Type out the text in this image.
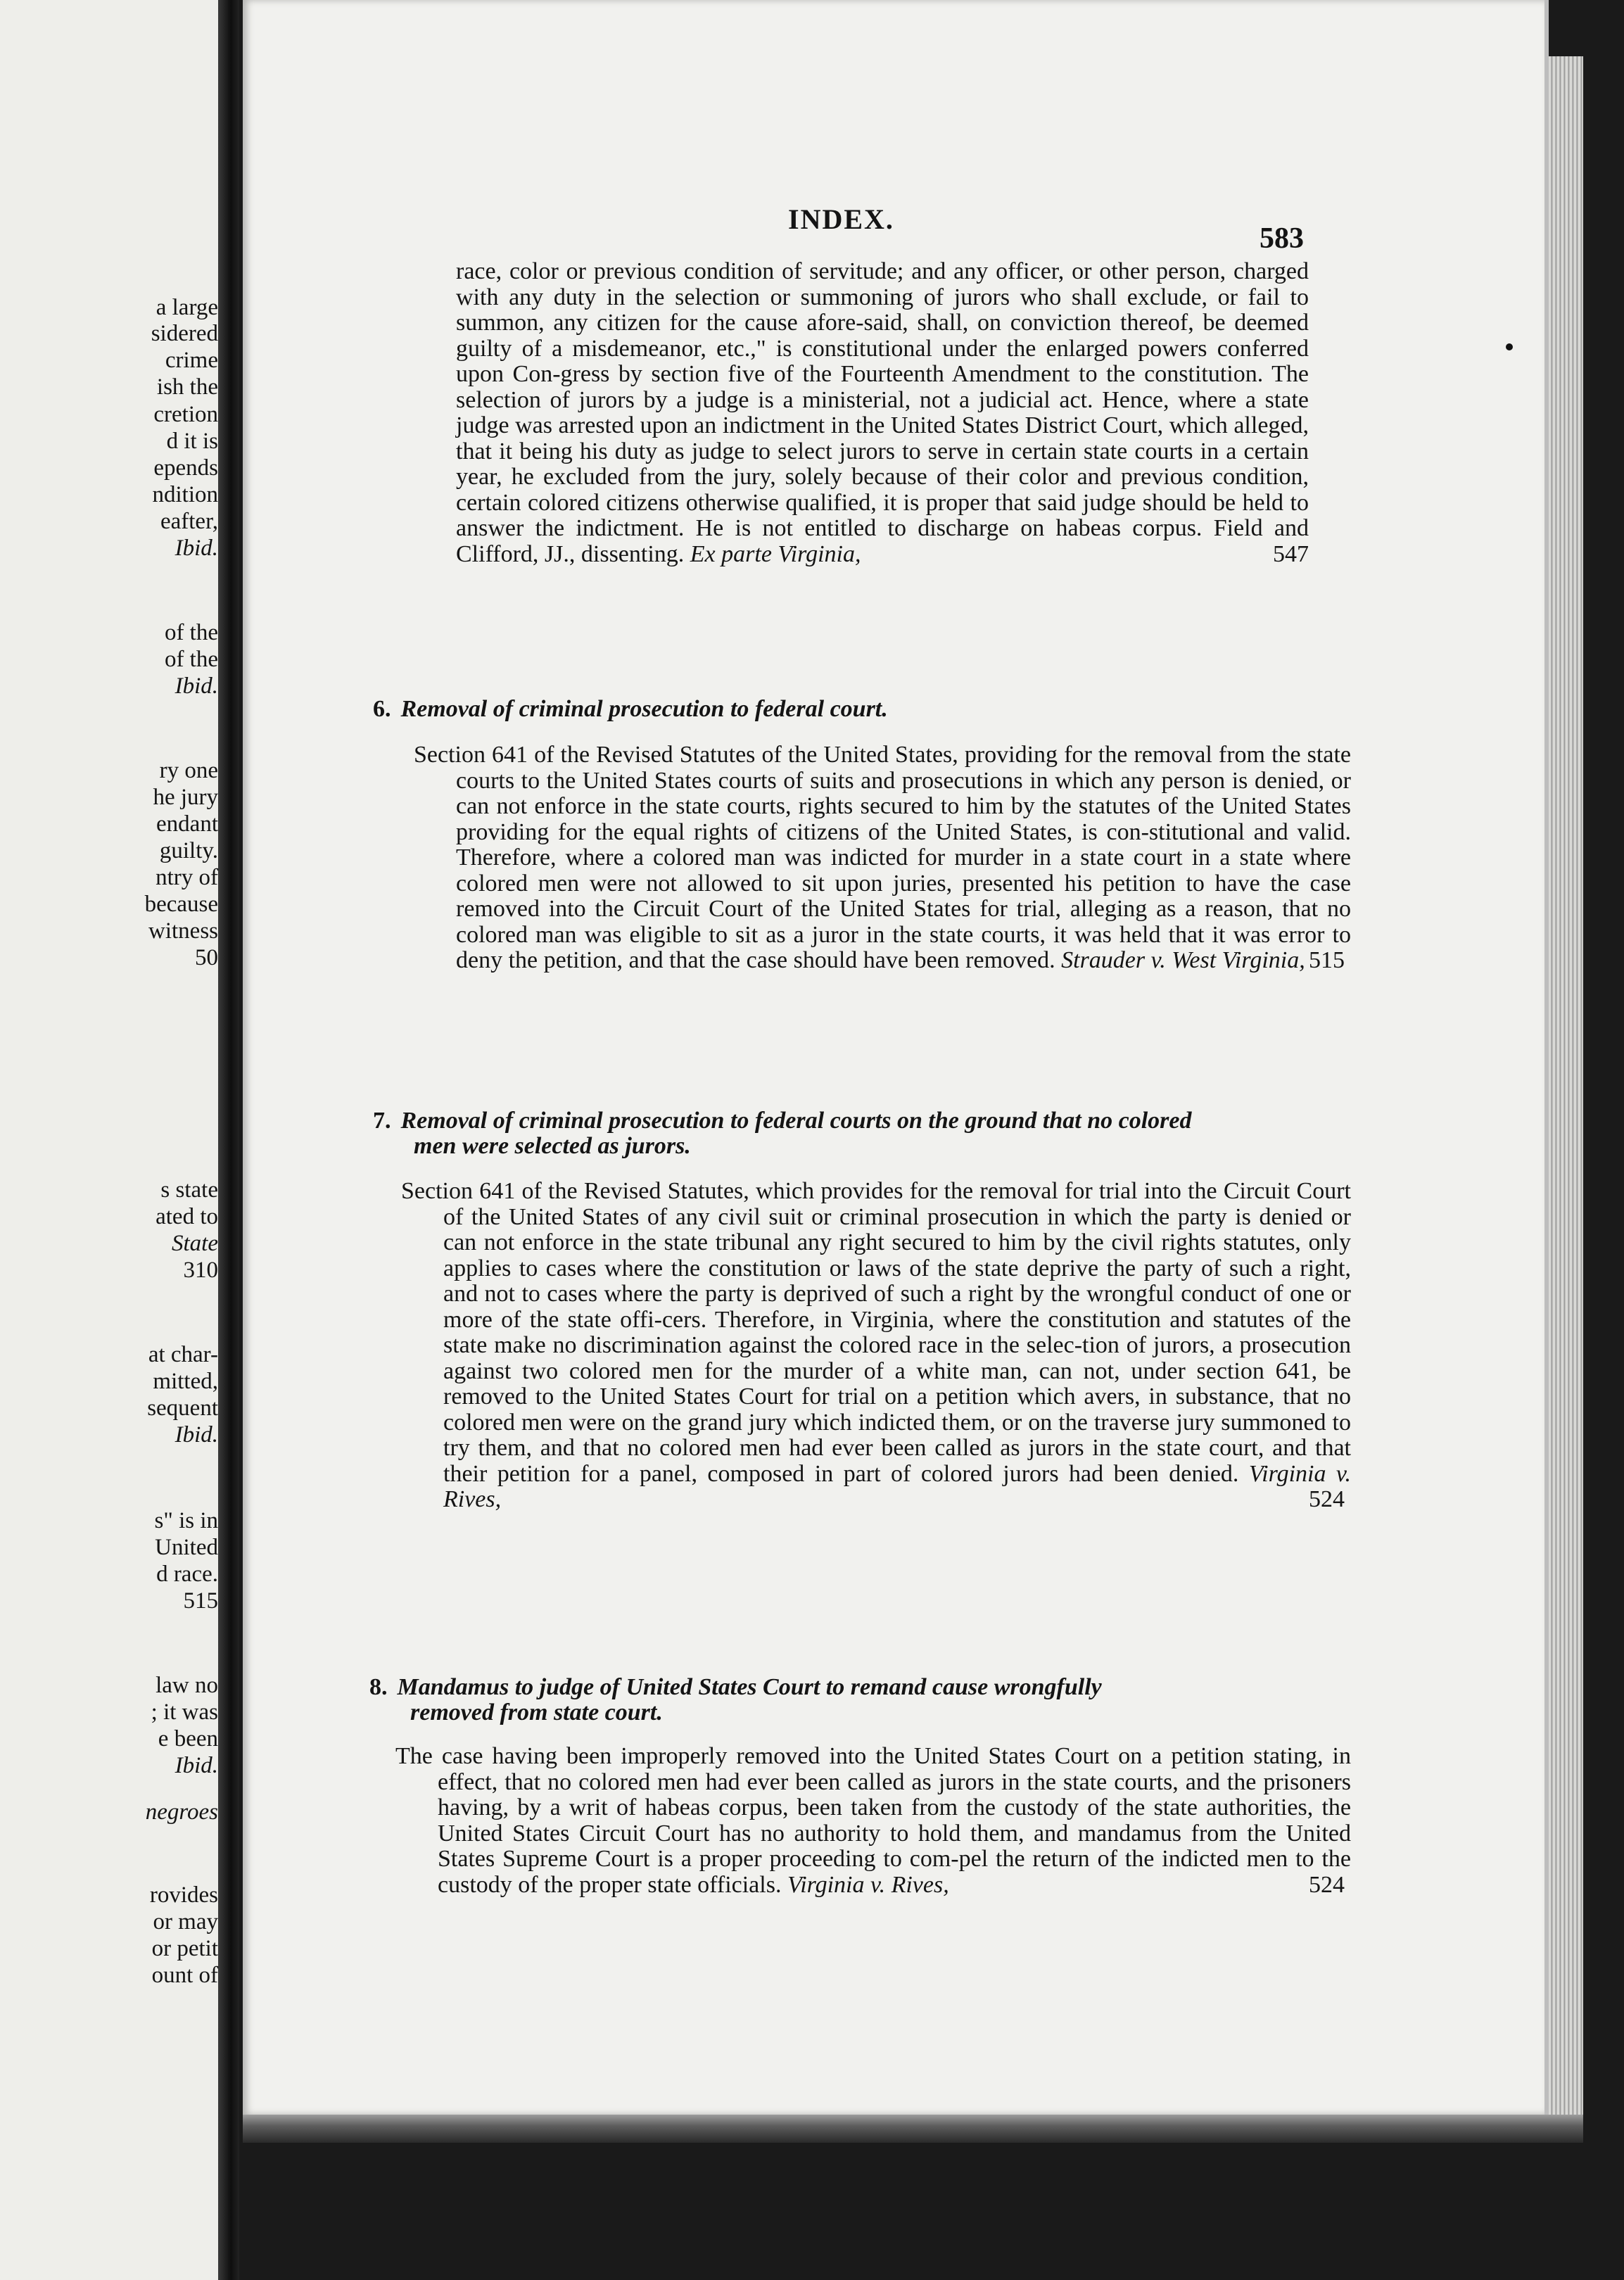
a large
sidered
crime
ish the
cretion
d it is
epends
ndition
eafter,
Ibid.
of the
of the
Ibid.
ry one
he jury
endant
guilty.
ntry of
because
witness
50
s state
ated to
State
310
at char-
mitted,
sequent
Ibid.
s" is in
United
d race.
515
law no
; it was
e been
Ibid.
negroes
rovides
or may
or petit
ount of
INDEX.
583
race, color or previous condition of servitude; and any officer, or other person, charged with any duty in the selection or summoning of jurors who shall exclude, or fail to summon, any citizen for the cause afore-said, shall, on conviction thereof, be deemed guilty of a misdemeanor, etc.," is constitutional under the enlarged powers conferred upon Con-gress by section five of the Fourteenth Amendment to the constitution. The selection of jurors by a judge is a ministerial, not a judicial act. Hence, where a state judge was arrested upon an indictment in the United States District Court, which alleged, that it being his duty as judge to select jurors to serve in certain state courts in a certain year, he excluded from the jury, solely because of their color and previous condition, certain colored citizens otherwise qualified, it is proper that said judge should be held to answer the indictment. He is not entitled to discharge on habeas corpus. Field and Clifford, JJ., dissenting. Ex parte Virginia,	547
6. Removal of criminal prosecution to federal court.
Section 641 of the Revised Statutes of the United States, providing for the removal from the state courts to the United States courts of suits and prosecutions in which any person is denied, or can not enforce in the state courts, rights secured to him by the statutes of the United States providing for the equal rights of citizens of the United States, is con-stitutional and valid. Therefore, where a colored man was indicted for murder in a state court in a state where colored men were not allowed to sit upon juries, presented his petition to have the case removed into the Circuit Court of the United States for trial, alleging as a reason, that no colored man was eligible to sit as a juror in the state courts, it was held that it was error to deny the petition, and that the case should have been removed. Strauder v. West Virginia, 515
7. Removal of criminal prosecution to federal courts on the ground that no colored
men were selected as jurors.
Section 641 of the Revised Statutes, which provides for the removal for trial into the Circuit Court of the United States of any civil suit or criminal prosecution in which the party is denied or can not enforce in the state tribunal any right secured to him by the civil rights statutes, only applies to cases where the constitution or laws of the state deprive the party of such a right, and not to cases where the party is deprived of such a right by the wrongful conduct of one or more of the state offi-cers. Therefore, in Virginia, where the constitution and statutes of the state make no discrimination against the colored race in the selec-tion of jurors, a prosecution against two colored men for the murder of a white man, can not, under section 641, be removed to the United States Court for trial on a petition which avers, in substance, that no colored men were on the grand jury which indicted them, or on the traverse jury summoned to try them, and that no colored men had ever been called as jurors in the state court, and that their petition for a panel, composed in part of colored jurors had been denied. Virginia v. Rives,	524
8. Mandamus to judge of United States Court to remand cause wrongfully
removed from state court.
The case having been improperly removed into the United States Court on a petition stating, in effect, that no colored men had ever been called as jurors in the state courts, and the prisoners having, by a writ of habeas corpus, been taken from the custody of the state authorities, the United States Circuit Court has no authority to hold them, and mandamus from the United States Supreme Court is a proper proceeding to com-pel the return of the indicted men to the custody of the proper state officials. Virginia v. Rives,	524
